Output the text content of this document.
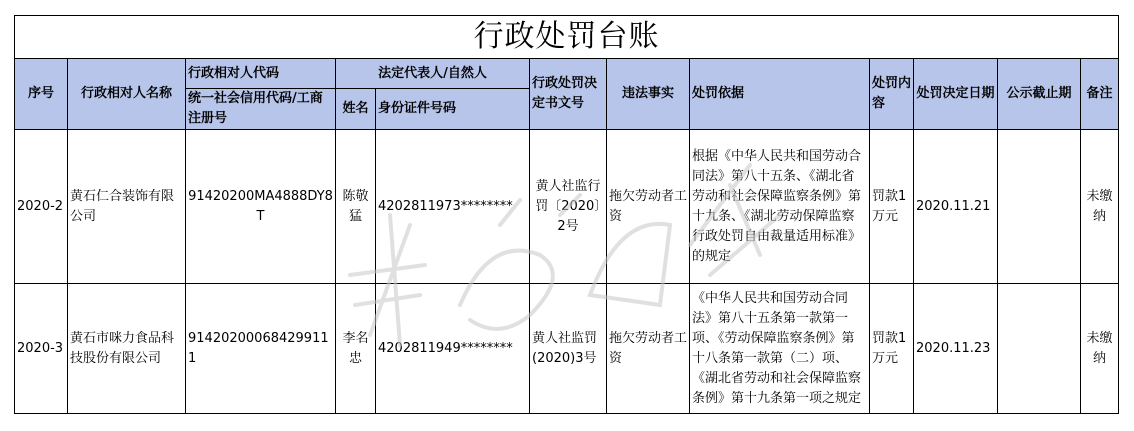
行政处罚台账											
序号	行政相对人名称	行政相对人代码	法定代表人/自然人		行政处罚决定书文号	违法事实	处罚依据	处罚内容	处罚决定日期	公示截止期	备注
		统一社会信用代码/工商注册号	姓名	身份证件号码							
2020-2	黄石仁合装饰有限公司	91420200MA4888DY8T	陈敬猛	4202811973********	黄人社监行罚〔2020〕2号	拖欠劳动者工资	根据《中华人民共和国劳动合同法》第八十五条、《湖北省劳动和社会保障监察条例》第十九条、《湖北劳动保障监察行政处罚自由裁量适用标准》的规定	罚款1万元	2020.11.21		未缴纳
2020-3	黄石市咪力食品科技股份有限公司	914202000684299111	李名忠	4202811949********	黄人社监罚(2020)3号	拖欠劳动者工资	《中华人民共和国劳动合同法》第八十五条第一款第一项、《劳动保障监察条例》第十八条第一款第（二）项、《湖北省劳动和社会保障监察条例》第十九条第一项之规定	罚款1万元	2020.11.23		未缴纳
